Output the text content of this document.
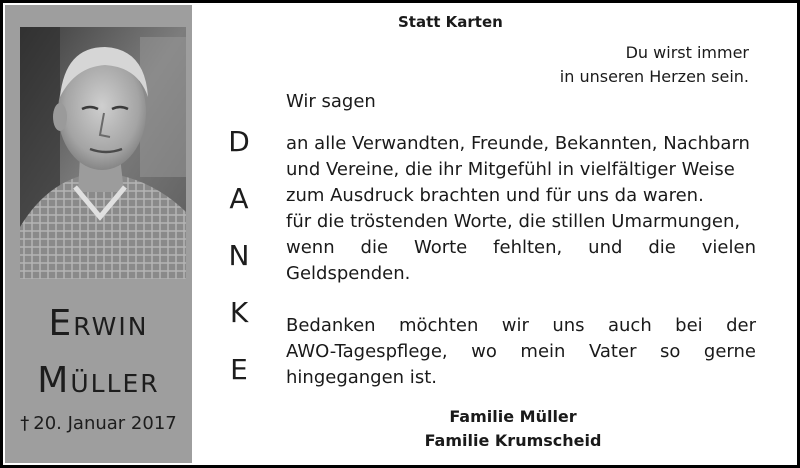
Erwin
Müller
† 20. Januar 2017
Statt Karten
Du wirst immer
in unseren Herzen sein.
Wir sagen
D
A
N
K
E
an alle Verwandten, Freunde, Bekannten, Nachbarn
und Vereine, die ihr Mitgefühl in vielfältiger Weise
zum Ausdruck brachten und für uns da waren.
für die tröstenden Worte, die stillen Umarmungen,
wenn die Worte fehlten, und die vielen
Geldspenden.
Bedanken möchten wir uns auch bei der
AWO-Tagespflege, wo mein Vater so gerne
hingegangen ist.
Familie Müller
Familie Krumscheid
